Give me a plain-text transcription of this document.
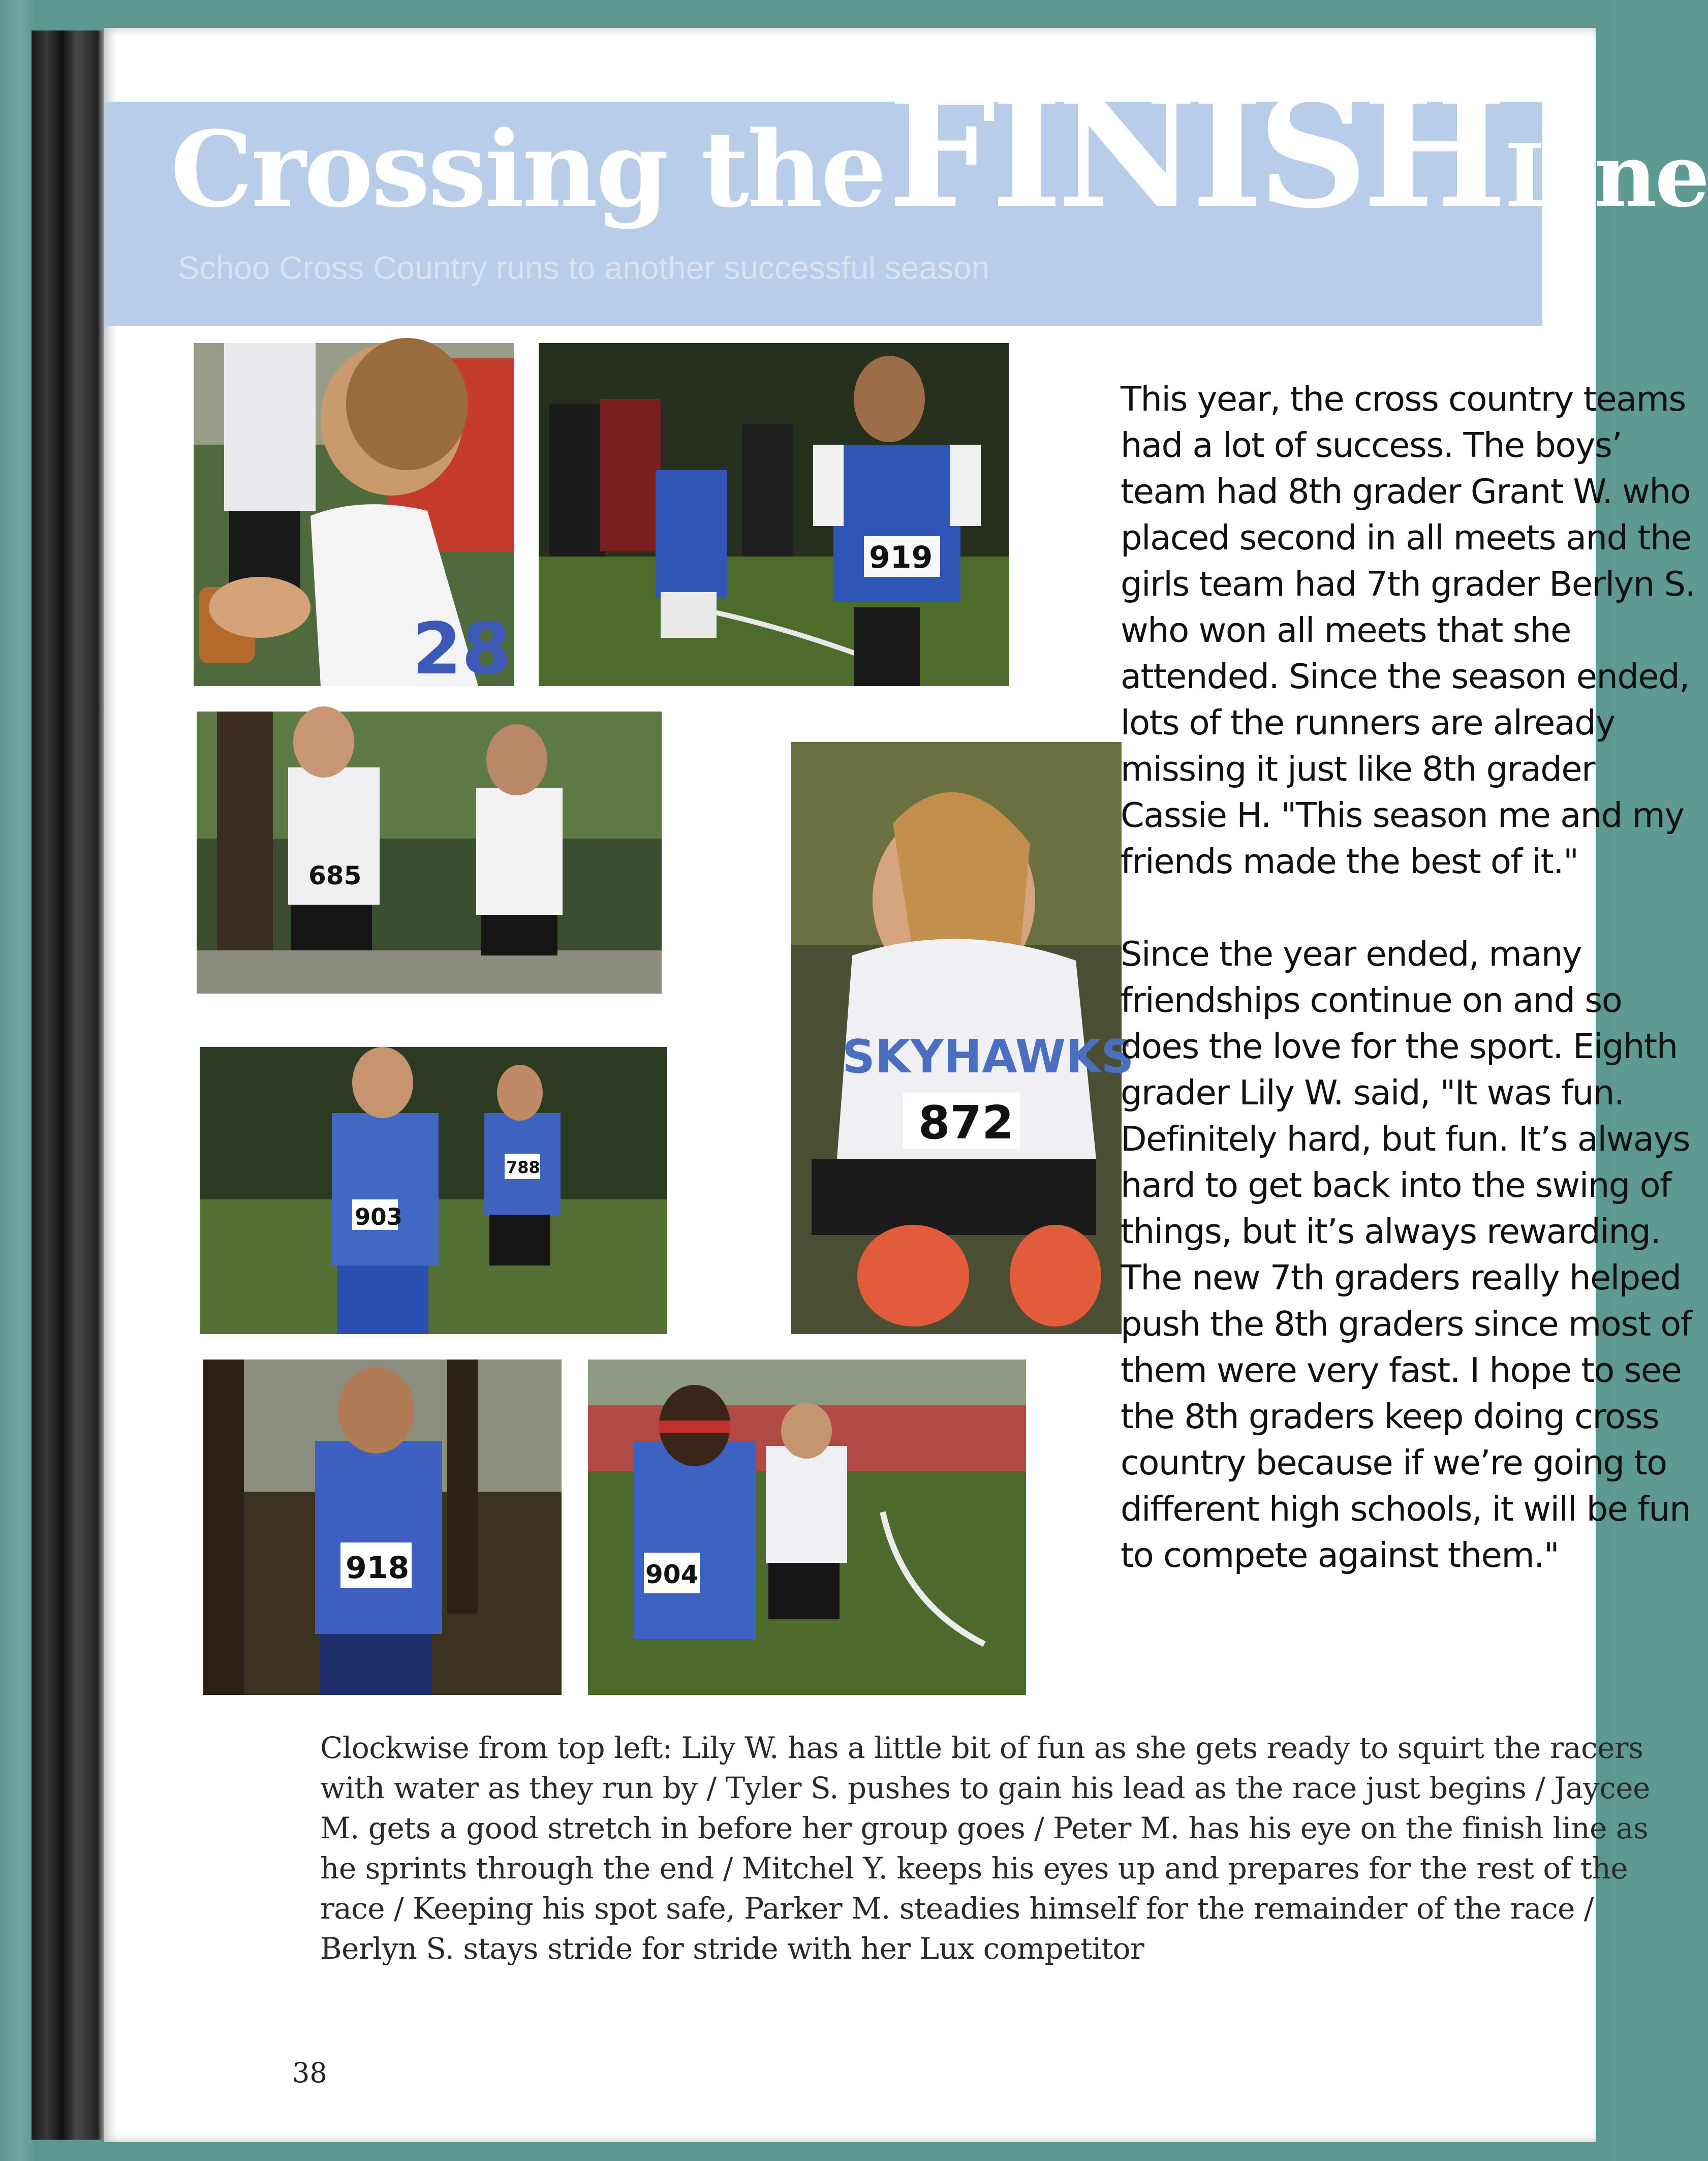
Crossing the FINISH Line
Schoo Cross Country runs to another successful season
28
919
685
SKYHAWKS
872
903
788
918	904

This year, the cross country teams had a lot of success. The boys’ team had 8th grader Grant W. who placed second in all meets and the girls team had 7th grader Berlyn S. who won all meets that she attended. Since the season ended, lots of the runners are already missing it just like 8th grader Cassie H. "This season me and my friends made the best of it."

Since the year ended, many friendships continue on and so does the love for the sport. Eighth grader Lily W. said, "It was fun. Definitely hard, but fun. It’s always hard to get back into the swing of things, but it’s always rewarding. The new 7th graders really helped push the 8th graders since most of them were very fast. I hope to see the 8th graders keep doing cross country because if we’re going to different high schools, it will be fun to compete against them."

Clockwise from top left: Lily W. has a little bit of fun as she gets ready to squirt the racers with water as they run by / Tyler S. pushes to gain his lead as the race just begins / Jaycee M. gets a good stretch in before her group goes / Peter M. has his eye on the finish line as he sprints through the end / Mitchel Y. keeps his eyes up and prepares for the rest of the race / Keeping his spot safe, Parker M. steadies himself for the remainder of the race / Berlyn S. stays stride for stride with her Lux competitor
38
